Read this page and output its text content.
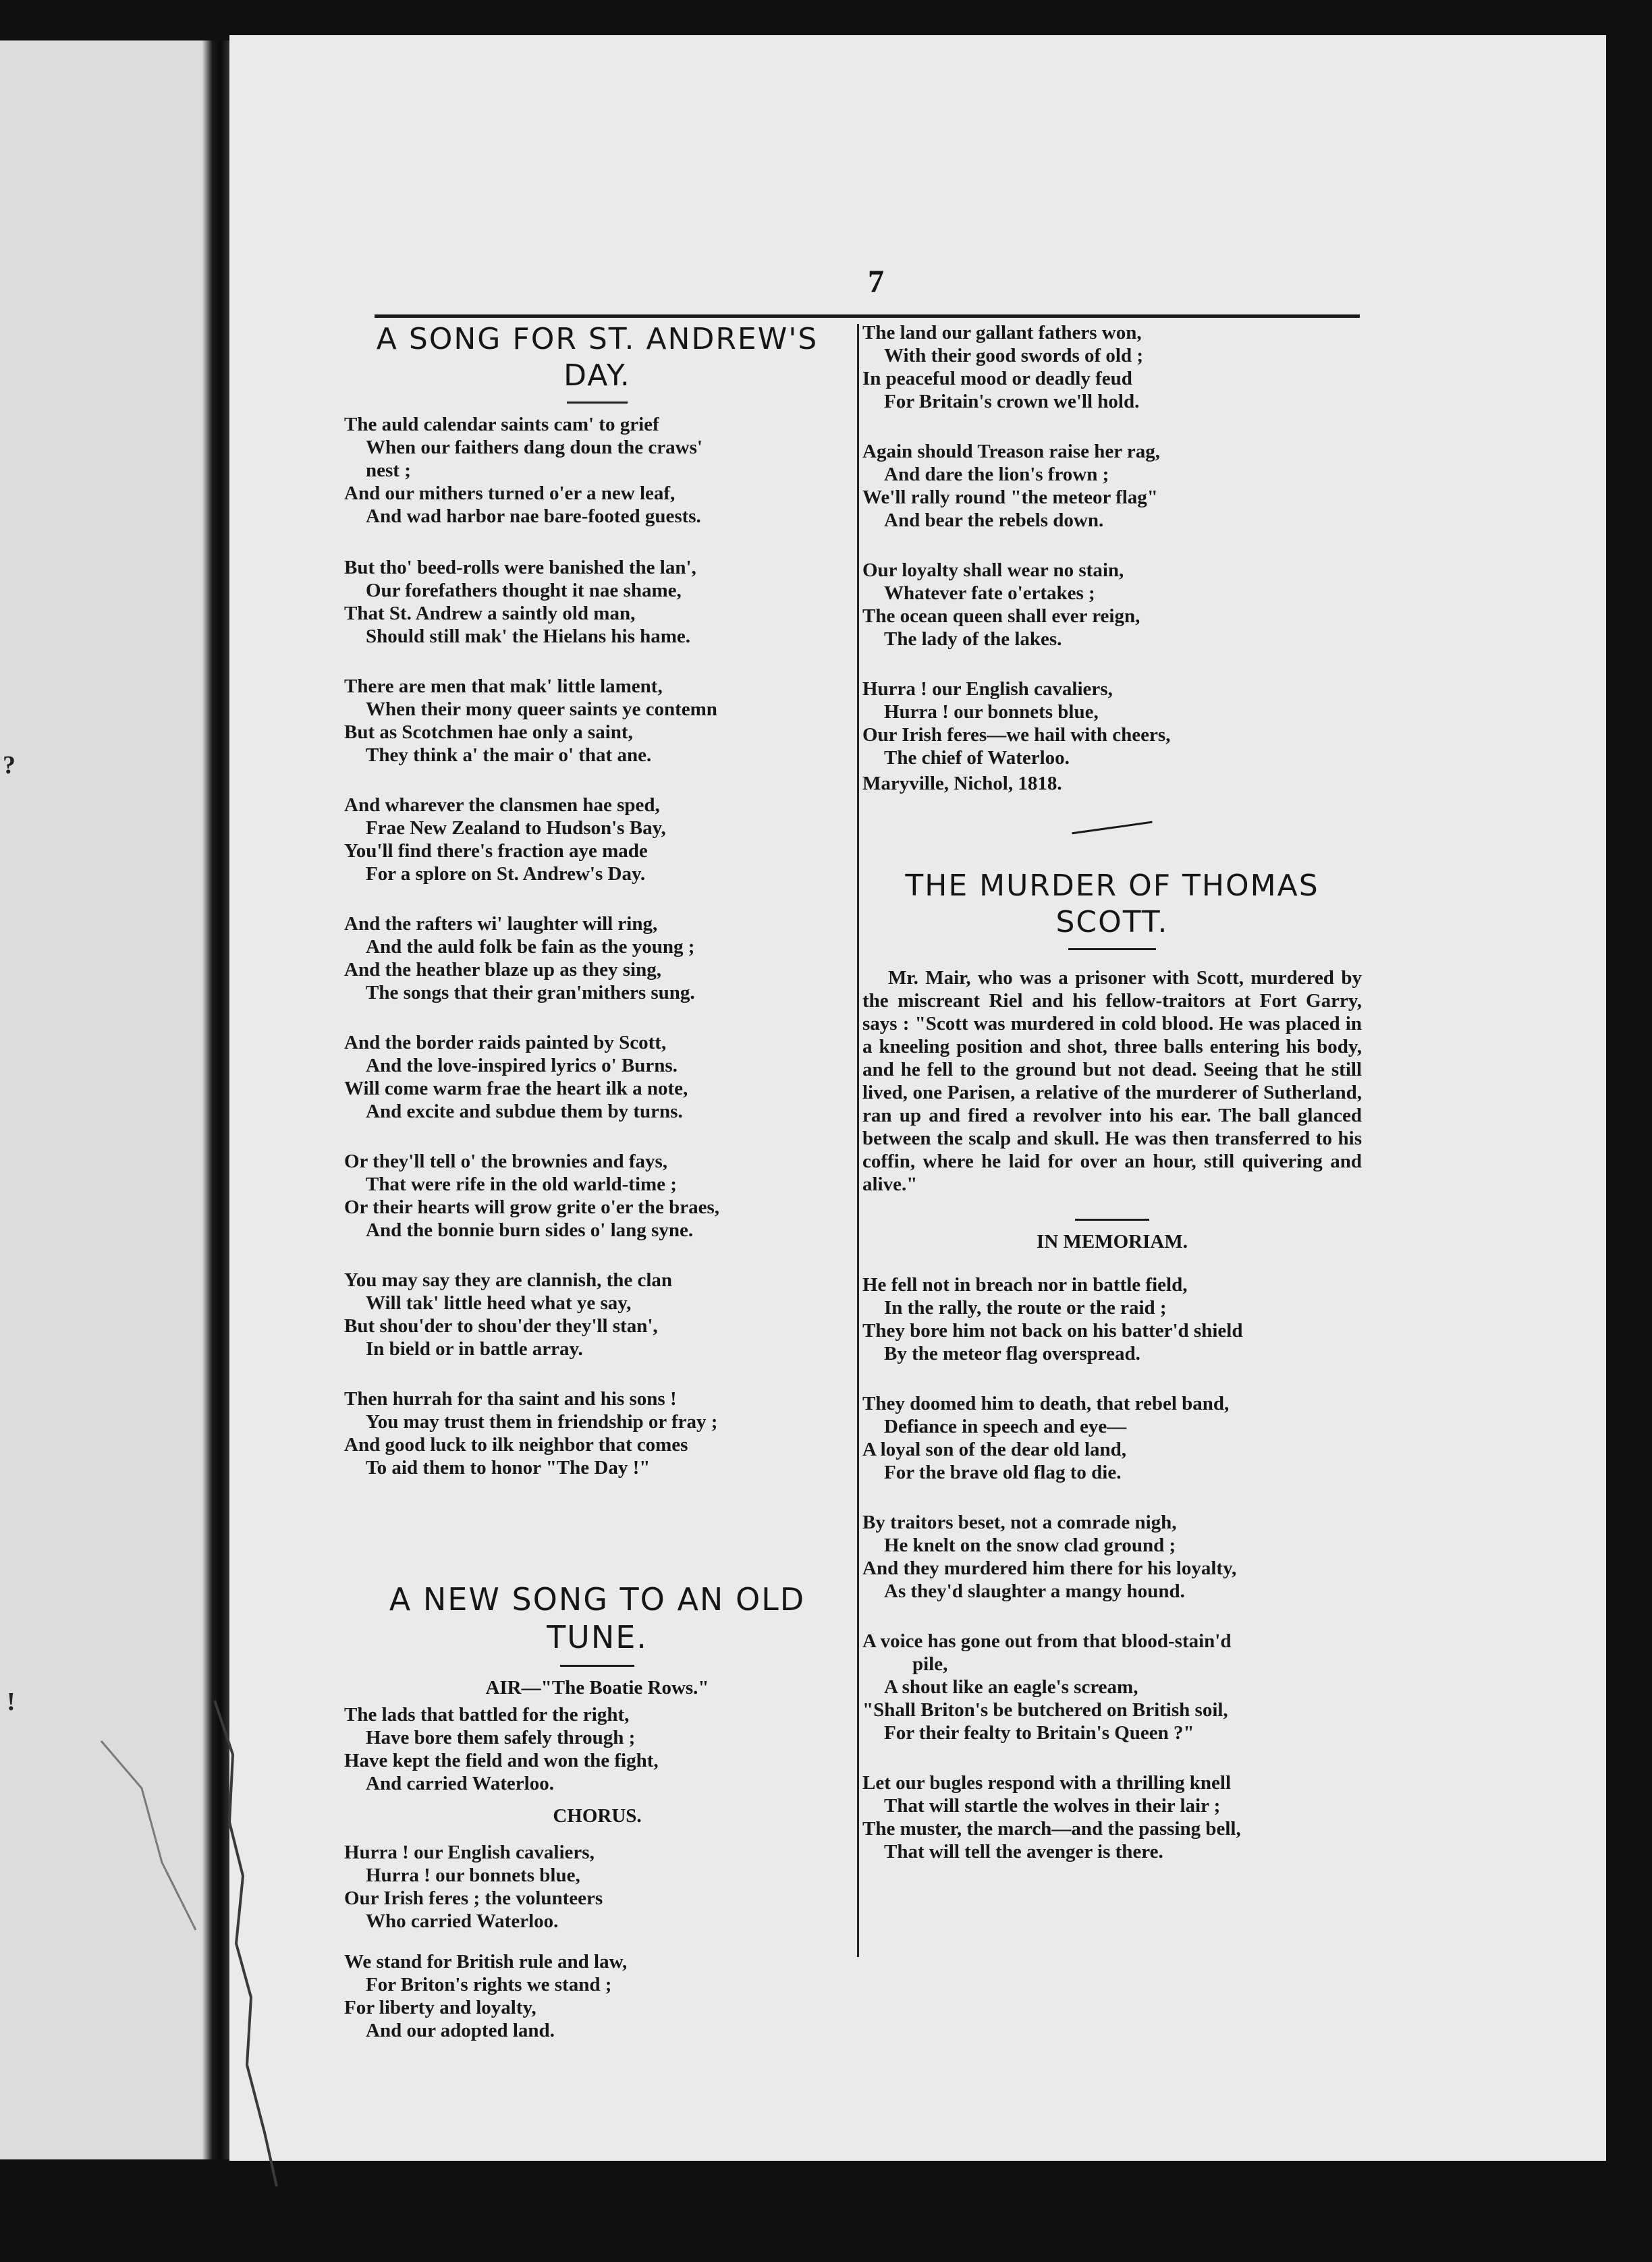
?
!
7
A SONG FOR ST. ANDREW'S DAY.
The auld calendar saints cam' to grief
When our faithers dang doun the craws'
nest ;
And our mithers turned o'er a new leaf,
And wad harbor nae bare-footed guests.
But tho' beed-rolls were banished the lan',
Our forefathers thought it nae shame,
That St. Andrew a saintly old man,
Should still mak' the Hielans his hame.
There are men that mak' little lament,
When their mony queer saints ye contemn
But as Scotchmen hae only a saint,
They think a' the mair o' that ane.
And wharever the clansmen hae sped,
Frae New Zealand to Hudson's Bay,
You'll find there's fraction aye made
For a splore on St. Andrew's Day.
And the rafters wi' laughter will ring,
And the auld folk be fain as the young ;
And the heather blaze up as they sing,
The songs that their gran'mithers sung.
And the border raids painted by Scott,
And the love-inspired lyrics o' Burns.
Will come warm frae the heart ilk a note,
And excite and subdue them by turns.
Or they'll tell o' the brownies and fays,
That were rife in the old warld-time ;
Or their hearts will grow grite o'er the braes,
And the bonnie burn sides o' lang syne.
You may say they are clannish, the clan
Will tak' little heed what ye say,
But shou'der to shou'der they'll stan',
In bield or in battle array.
Then hurrah for tha saint and his sons !
You may trust them in friendship or fray ;
And good luck to ilk neighbor that comes
To aid them to honor "The Day !"
A NEW SONG TO AN OLD TUNE.
AIR—"The Boatie Rows."
The lads that battled for the right,
Have bore them safely through ;
Have kept the field and won the fight,
And carried Waterloo.
CHORUS.
Hurra ! our English cavaliers,
Hurra ! our bonnets blue,
Our Irish feres ; the volunteers
Who carried Waterloo.
We stand for British rule and law,
For Briton's rights we stand ;
For liberty and loyalty,
And our adopted land.
The land our gallant fathers won,
With their good swords of old ;
In peaceful mood or deadly feud
For Britain's crown we'll hold.
Again should Treason raise her rag,
And dare the lion's frown ;
We'll rally round "the meteor flag"
And bear the rebels down.
Our loyalty shall wear no stain,
Whatever fate o'ertakes ;
The ocean queen shall ever reign,
The lady of the lakes.
Hurra ! our English cavaliers,
Hurra ! our bonnets blue,
Our Irish feres—we hail with cheers,
The chief of Waterloo.
Maryville, Nichol, 1818.
THE MURDER OF THOMAS SCOTT.

Mr. Mair, who was a prisoner with Scott, murdered by the miscreant Riel and his fellow-traitors at Fort Garry, says : "Scott was murdered in cold blood. He was placed in a kneeling position and shot, three balls entering his body, and he fell to the ground but not dead. Seeing that he still lived, one Parisen, a relative of the murderer of Sutherland, ran up and fired a revolver into his ear. The ball glanced between the scalp and skull. He was then transferred to his coffin, where he laid for over an hour, still quivering and alive."

IN MEMORIAM.
He fell not in breach nor in battle field,
In the rally, the route or the raid ;
They bore him not back on his batter'd shield
By the meteor flag overspread.
They doomed him to death, that rebel band,
Defiance in speech and eye—
A loyal son of the dear old land,
For the brave old flag to die.
By traitors beset, not a comrade nigh,
He knelt on the snow clad ground ;
And they murdered him there for his loyalty,
As they'd slaughter a mangy hound.
A voice has gone out from that blood-stain'd
pile,
A shout like an eagle's scream,
"Shall Briton's be butchered on British soil,
For their fealty to Britain's Queen ?"
Let our bugles respond with a thrilling knell
That will startle the wolves in their lair ;
The muster, the march—and the passing bell,
That will tell the avenger is there.
